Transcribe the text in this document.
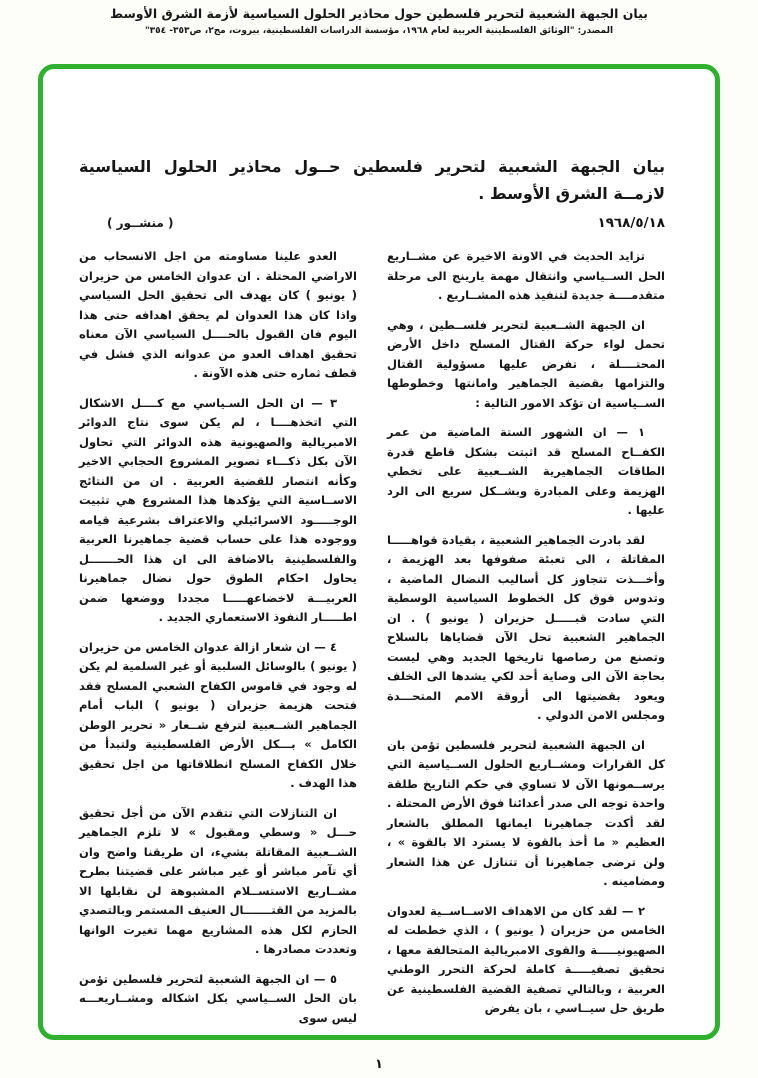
بيان الجبهة الشعبية لتحرير فلسطين حول محاذير الحلول السياسية لأزمة الشرق الأوسط
المصدر: "الوثائق الفلسطينية العربية لعام ١٩٦٨، مؤسسة الدراسات الفلسطينية، بيروت، مج٢، ص٣٥٣- ٣٥٤"
بيان الجبهة الشعبية لتحرير فلسطين حــول محاذير الحلول السياسية لازمــة الشرق الأوسط .
١٩٦٨/٥/١٨
( منشــور )

تزايد الحديث في الاونة الاخيرة عن مشــاريع الحل الســياسي وانتقال مهمة يارينج الى مرحلة متقدمــــة جديدة لتنفيذ هذه المشــاريع .

ان الجبهة الشــعبية لتحرير فلســطين ، وهي تحمل لواء حركة القتال المسلح داخل الأرض المحتــــلة ، تفرض عليها مسؤولية القتال والتزامها بقضية الجماهير وامانتها وخطوطها الســياسية ان تؤكد الامور التالية :

١ — ان الشهور الستة الماضية من عمر الكفــاح المسلح قد اثبتت بشكل قاطع قدرة الطاقات الجماهيرية الشــعبية على تخطي الهزيمة وعلى المبادرة وبشــكل سريع الى الرد عليها .

لقد بادرت الجماهير الشعبية ، بقيادة قواهـــــا المقاتلة ، الى تعبئة صفوفها بعد الهزيمة ، وأخـــذت تتجاوز كل أساليب النضال الماضية ، وتدوس فوق كل الخطوط السياسية الوسطية التي سادت قبـــــل حزيران ( يونيو ) . ان الجماهير الشعبية تحل الآن قضاياها بالسلاح وتصنع من رصاصها تاريخها الجديد وهي ليست بحاجة الآن الى وصاية أحد لكي يشدها الى الخلف ويعود بقضيتها الى أروقة الامم المتحـــدة ومجلس الامن الدولي .

ان الجبهة الشعبية لتحرير فلسطين تؤمن بان كل القرارات ومشــاريع الحلول الســياسية التي يرســمونها الآن لا تساوي في حكم التاريخ طلقة واحدة توجه الى صدر أعدائنا فوق الأرض المحتلة . لقد أكدت جماهيرنا ايمانها المطلق بالشعار العظيم « ما أخذ بالقوة لا يسترد الا بالقوة » ، ولن ترضى جماهيرنا أن تتنازل عن هذا الشعار ومضامينه .

٢ — لقد كان من الاهداف الاســاســية لعدوان الخامس من حزيران ( يونيو ) ، الذي خططت له الصهيونيـــــة والقوى الامبريالية المتحالفة معها ، تحقيق تصفيـــــة كاملة لحركة التحرر الوطني العربية ، وبالتالي تصفية القضية الفلسطينية عن طريق حل سيــاسي ، بان يفرض

العدو علينا مساومته من اجل الانسحاب من الاراضي المحتلة . ان عدوان الخامس من حزيران ( يونيو ) كان يهدف الى تحقيق الحل السياسي واذا كان هذا العدوان لم يحقق اهدافه حتى هذا اليوم فان القبول بالحــــل السياسي الآن معناه تحقيق اهداف العدو من عدوانه الذي فشل في قطف ثماره حتى هذه الآونة .

٣ — ان الحل السـياسي مع كــــل الاشكال التي اتخذهــــا ، لم يكن سوى نتاج الدوائر الامبريالية والصهيونية هذه الدوائر التي تحاول الآن بكل ذكـــاء تصوير المشروع الحجابي الاخير وكأنه انتصار للقضية العربية . ان من النتائج الاســاسية التي يؤكدها هذا المشروع هي تثبيت الوجـــــود الاسرائيلي والاعتراف بشرعية قيامه ووجوده هذا على حساب قضية جماهيرنا العربية والفلسطينية بالاضافة الى ان هذا الحـــــــل يحاول احكام الطوق حول نضال جماهيرنا العربيـــة لاخضاعهـــــا مجددا ووضعها ضمن اطـــــار النفوذ الاستعماري الجديد .

٤ — ان شعار ازالة عدوان الخامس من حزيران ( يونيو ) بالوسائل السلبية أو غير السلمية لم يكن له وجود في قاموس الكفاح الشعبي المسلح فقد فتحت هزيمة حزيران ( يونيو ) الباب أمام الجماهير الشــعبية لترفع شــعار « تحرير الوطن الكامل » بـــكل الأرض الفلسطينية ولتبدأ من خلال الكفاح المسلح انطلاقاتها من اجل تحقيق هذا الهدف .

ان التنازلات التي تتقدم الآن من أجل تحقيق حـــل « وسطي ومقبول » لا تلزم الجماهير الشــعبية المقاتلة بشيء، ان طريقنا واضح وان أي تآمر مباشر أو غير مباشر على قضيتنا بطرح مشــاريع الاستســلام المشبوهة لن نقابلها الا بالمزيد من القتـــــــال العنيف المستمر وبالتصدي الحازم لكل هذه المشاريع مهما تغيرت الوانها وتعددت مصادرها .

٥ — ان الجبهة الشعبية لتحرير فلسطين تؤمن بان الحل الســياسي بكل اشكاله ومشــاريعـــه ليس سوى

١
